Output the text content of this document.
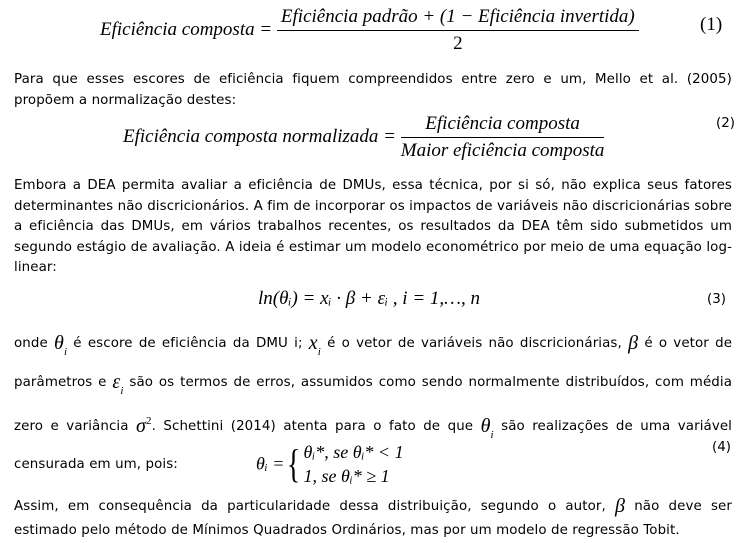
Eficiência composta = $\frac{\text{Eficiência padrão + (1 − Eficiência invertida)}}{2}$	(1)
Para que esses escores de eficiência fiquem compreendidos entre zero e um, Mello et al. (2005) propõem a normalização destes:
Eficiência composta normalizada = $\frac{\text{Eficiência composta}}{\text{Maior eficiência composta}}$	(2)
Embora a DEA permita avaliar a eficiência de DMUs, essa técnica, por si só, não explica seus fatores determinantes não discricionários. A fim de incorporar os impactos de variáveis não discricionárias sobre a eficiência das DMUs, em vários trabalhos recentes, os resultados da DEA têm sido submetidos um segundo estágio de avaliação. A ideia é estimar um modelo econométrico por meio de uma equação log-linear:
ln(θᵢ) = xᵢ · β + εᵢ , i = 1,…, n	(3)
onde $\theta_i$ é escore de eficiência da DMU i; $x_i$ é o vetor de variáveis não discricionárias, β é o vetor de parâmetros e $\varepsilon_i$ são os termos de erros, assumidos como sendo normalmente distribuídos, com média zero e variância $\sigma^2$. Schettini (2014) atenta para o fato de que $\theta_i$ são realizações de uma variável censurada em um, pois:	θᵢ ={ θᵢ*, se θᵢ* < 1
1, se θᵢ* ≥ 1
(4)
Assim, em consequência da particularidade dessa distribuição, segundo o autor, β não deve ser estimado pelo método de Mínimos Quadrados Ordinários, mas por um modelo de regressão Tobit.
